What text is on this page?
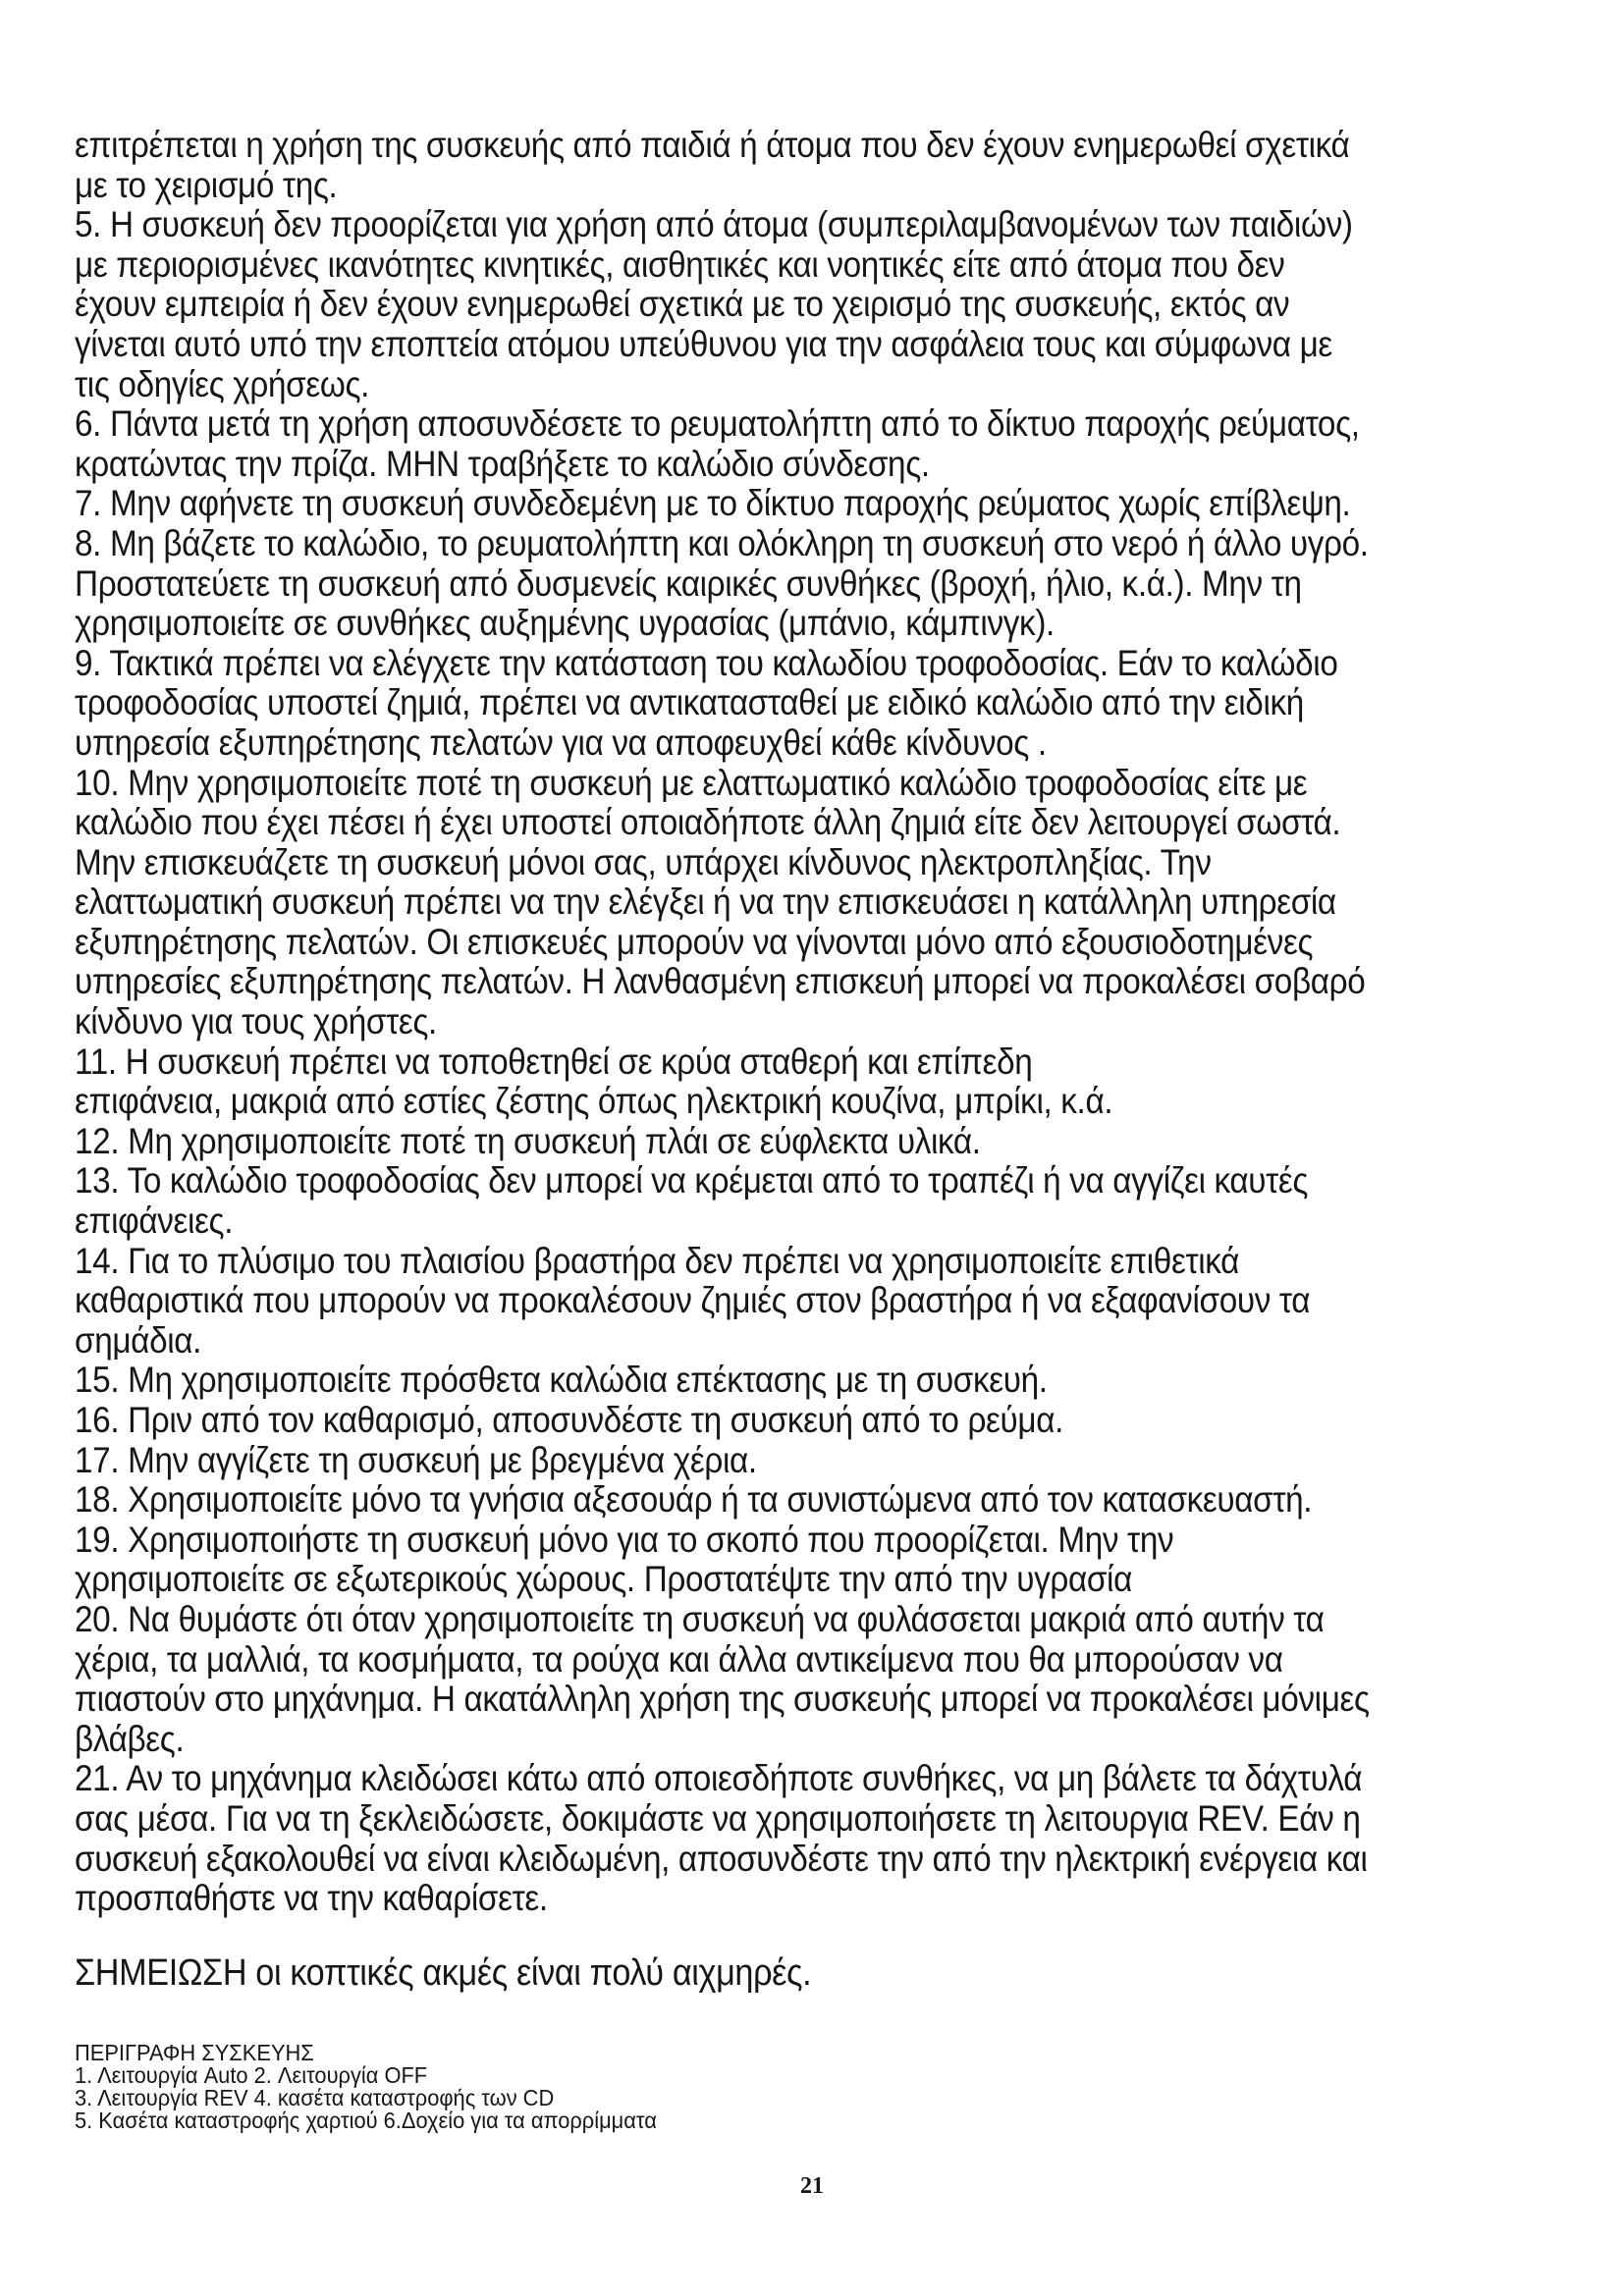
επιτρέπεται η χρήση της συσκευής από παιδιά ή άτομα που δεν έχουν ενημερωθεί σχετικά
με το χειρισμό της.

5. Η συσκευή δεν προορίζεται για χρήση από άτομα (συμπεριλαμβανομένων των παιδιών)
με περιορισμένες ικανότητες κινητικές, αισθητικές και νοητικές είτε από άτομα που δεν
έχουν εμπειρία ή δεν έχουν ενημερωθεί σχετικά με το χειρισμό της συσκευής, εκτός αν
γίνεται αυτό υπό την εποπτεία ατόμου υπεύθυνου για την ασφάλεια τους και σύμφωνα με
τις οδηγίες χρήσεως.

6. Πάντα μετά τη χρήση αποσυνδέσετε το ρευματολήπτη από το δίκτυο παροχής ρεύματος,
κρατώντας την πρίζα. ΜΗΝ τραβήξετε το καλώδιο σύνδεσης.

7. Μην αφήνετε τη συσκευή συνδεδεμένη με το δίκτυο παροχής ρεύματος χωρίς επίβλεψη.

8. Μη βάζετε το καλώδιο, το ρευματολήπτη και ολόκληρη τη συσκευή στο νερό ή άλλο υγρό.
Προστατεύετε τη συσκευή από δυσμενείς καιρικές συνθήκες (βροχή, ήλιο, κ.ά.). Μην τη
χρησιμοποιείτε σε συνθήκες αυξημένης υγρασίας (μπάνιο, κάμπινγκ).

9. Τακτικά πρέπει να ελέγχετε την κατάσταση του καλωδίου τροφοδοσίας. Εάν το καλώδιο
τροφοδοσίας υποστεί ζημιά, πρέπει να αντικατασταθεί με ειδικό καλώδιο από την ειδική
υπηρεσία εξυπηρέτησης πελατών για να αποφευχθεί κάθε κίνδυνος .

10. Μην χρησιμοποιείτε ποτέ τη συσκευή με ελαττωματικό καλώδιο τροφοδοσίας είτε με
καλώδιο που έχει πέσει ή έχει υποστεί οποιαδήποτε άλλη ζημιά είτε δεν λειτουργεί σωστά.
Μην επισκευάζετε τη συσκευή μόνοι σας, υπάρχει κίνδυνος ηλεκτροπληξίας. Την
ελαττωματική συσκευή πρέπει να την ελέγξει ή να την επισκευάσει η κατάλληλη υπηρεσία
εξυπηρέτησης πελατών. Οι επισκευές μπορούν να γίνονται μόνο από εξουσιοδοτημένες
υπηρεσίες εξυπηρέτησης πελατών. Η λανθασμένη επισκευή μπορεί να προκαλέσει σοβαρό
κίνδυνο για τους χρήστες.

11. Η συσκευή πρέπει να τοποθετηθεί σε κρύα σταθερή και επίπεδη
επιφάνεια, μακριά από εστίες ζέστης όπως ηλεκτρική κουζίνα, μπρίκι, κ.ά.

12. Μη χρησιμοποιείτε ποτέ τη συσκευή πλάι σε εύφλεκτα υλικά.

13. Το καλώδιο τροφοδοσίας δεν μπορεί να κρέμεται από το τραπέζι ή να αγγίζει καυτές
επιφάνειες.

14. Για το πλύσιμο του πλαισίου βραστήρα δεν πρέπει να χρησιμοποιείτε επιθετικά
καθαριστικά που μπορούν να προκαλέσουν ζημιές στον βραστήρα ή να εξαφανίσουν τα
σημάδια.

15. Μη χρησιμοποιείτε πρόσθετα καλώδια επέκτασης με τη συσκευή.

16. Πριν από τον καθαρισμό, αποσυνδέστε τη συσκευή από το ρεύμα.

17. Μην αγγίζετε τη συσκευή με βρεγμένα χέρια.

18. Χρησιμοποιείτε μόνο τα γνήσια αξεσουάρ ή τα συνιστώμενα από τον κατασκευαστή.

19. Χρησιμοποιήστε τη συσκευή μόνο για το σκοπό που προορίζεται. Μην την
χρησιμοποιείτε σε εξωτερικούς χώρους. Προστατέψτε την από την υγρασία

20. Να θυμάστε ότι όταν χρησιμοποιείτε τη συσκευή να φυλάσσεται μακριά από αυτήν τα
χέρια, τα μαλλιά, τα κοσμήματα, τα ρούχα και άλλα αντικείμενα που θα μπορούσαν να
πιαστούν στο μηχάνημα. Η ακατάλληλη χρήση της συσκευής μπορεί να προκαλέσει μόνιμες
βλάβες.

21. Αν το μηχάνημα κλειδώσει κάτω από οποιεσδήποτε συνθήκες, να μη βάλετε τα δάχτυλά
σας μέσα. Για να τη ξεκλειδώσετε, δοκιμάστε να χρησιμοποιήσετε τη λειτουργια REV. Εάν η
συσκευή εξακολουθεί να είναι κλειδωμένη, αποσυνδέστε την από την ηλεκτρική ενέργεια και
προσπαθήστε να την καθαρίσετε.

ΣΗΜΕΙΩΣΗ οι κοπτικές ακμές είναι πολύ αιχμηρές.
ΠΕΡΙΓΡΑΦΗ ΣΥΣΚΕΥΗΣ
1. Λειτουργία Auto 2. Λειτουργία OFF
3. Λειτουργία REV 4. κασέτα καταστροφής των CD
5. Κασέτα καταστροφής χαρτιού 6.Δοχείο για τα απορρίμματα
21
